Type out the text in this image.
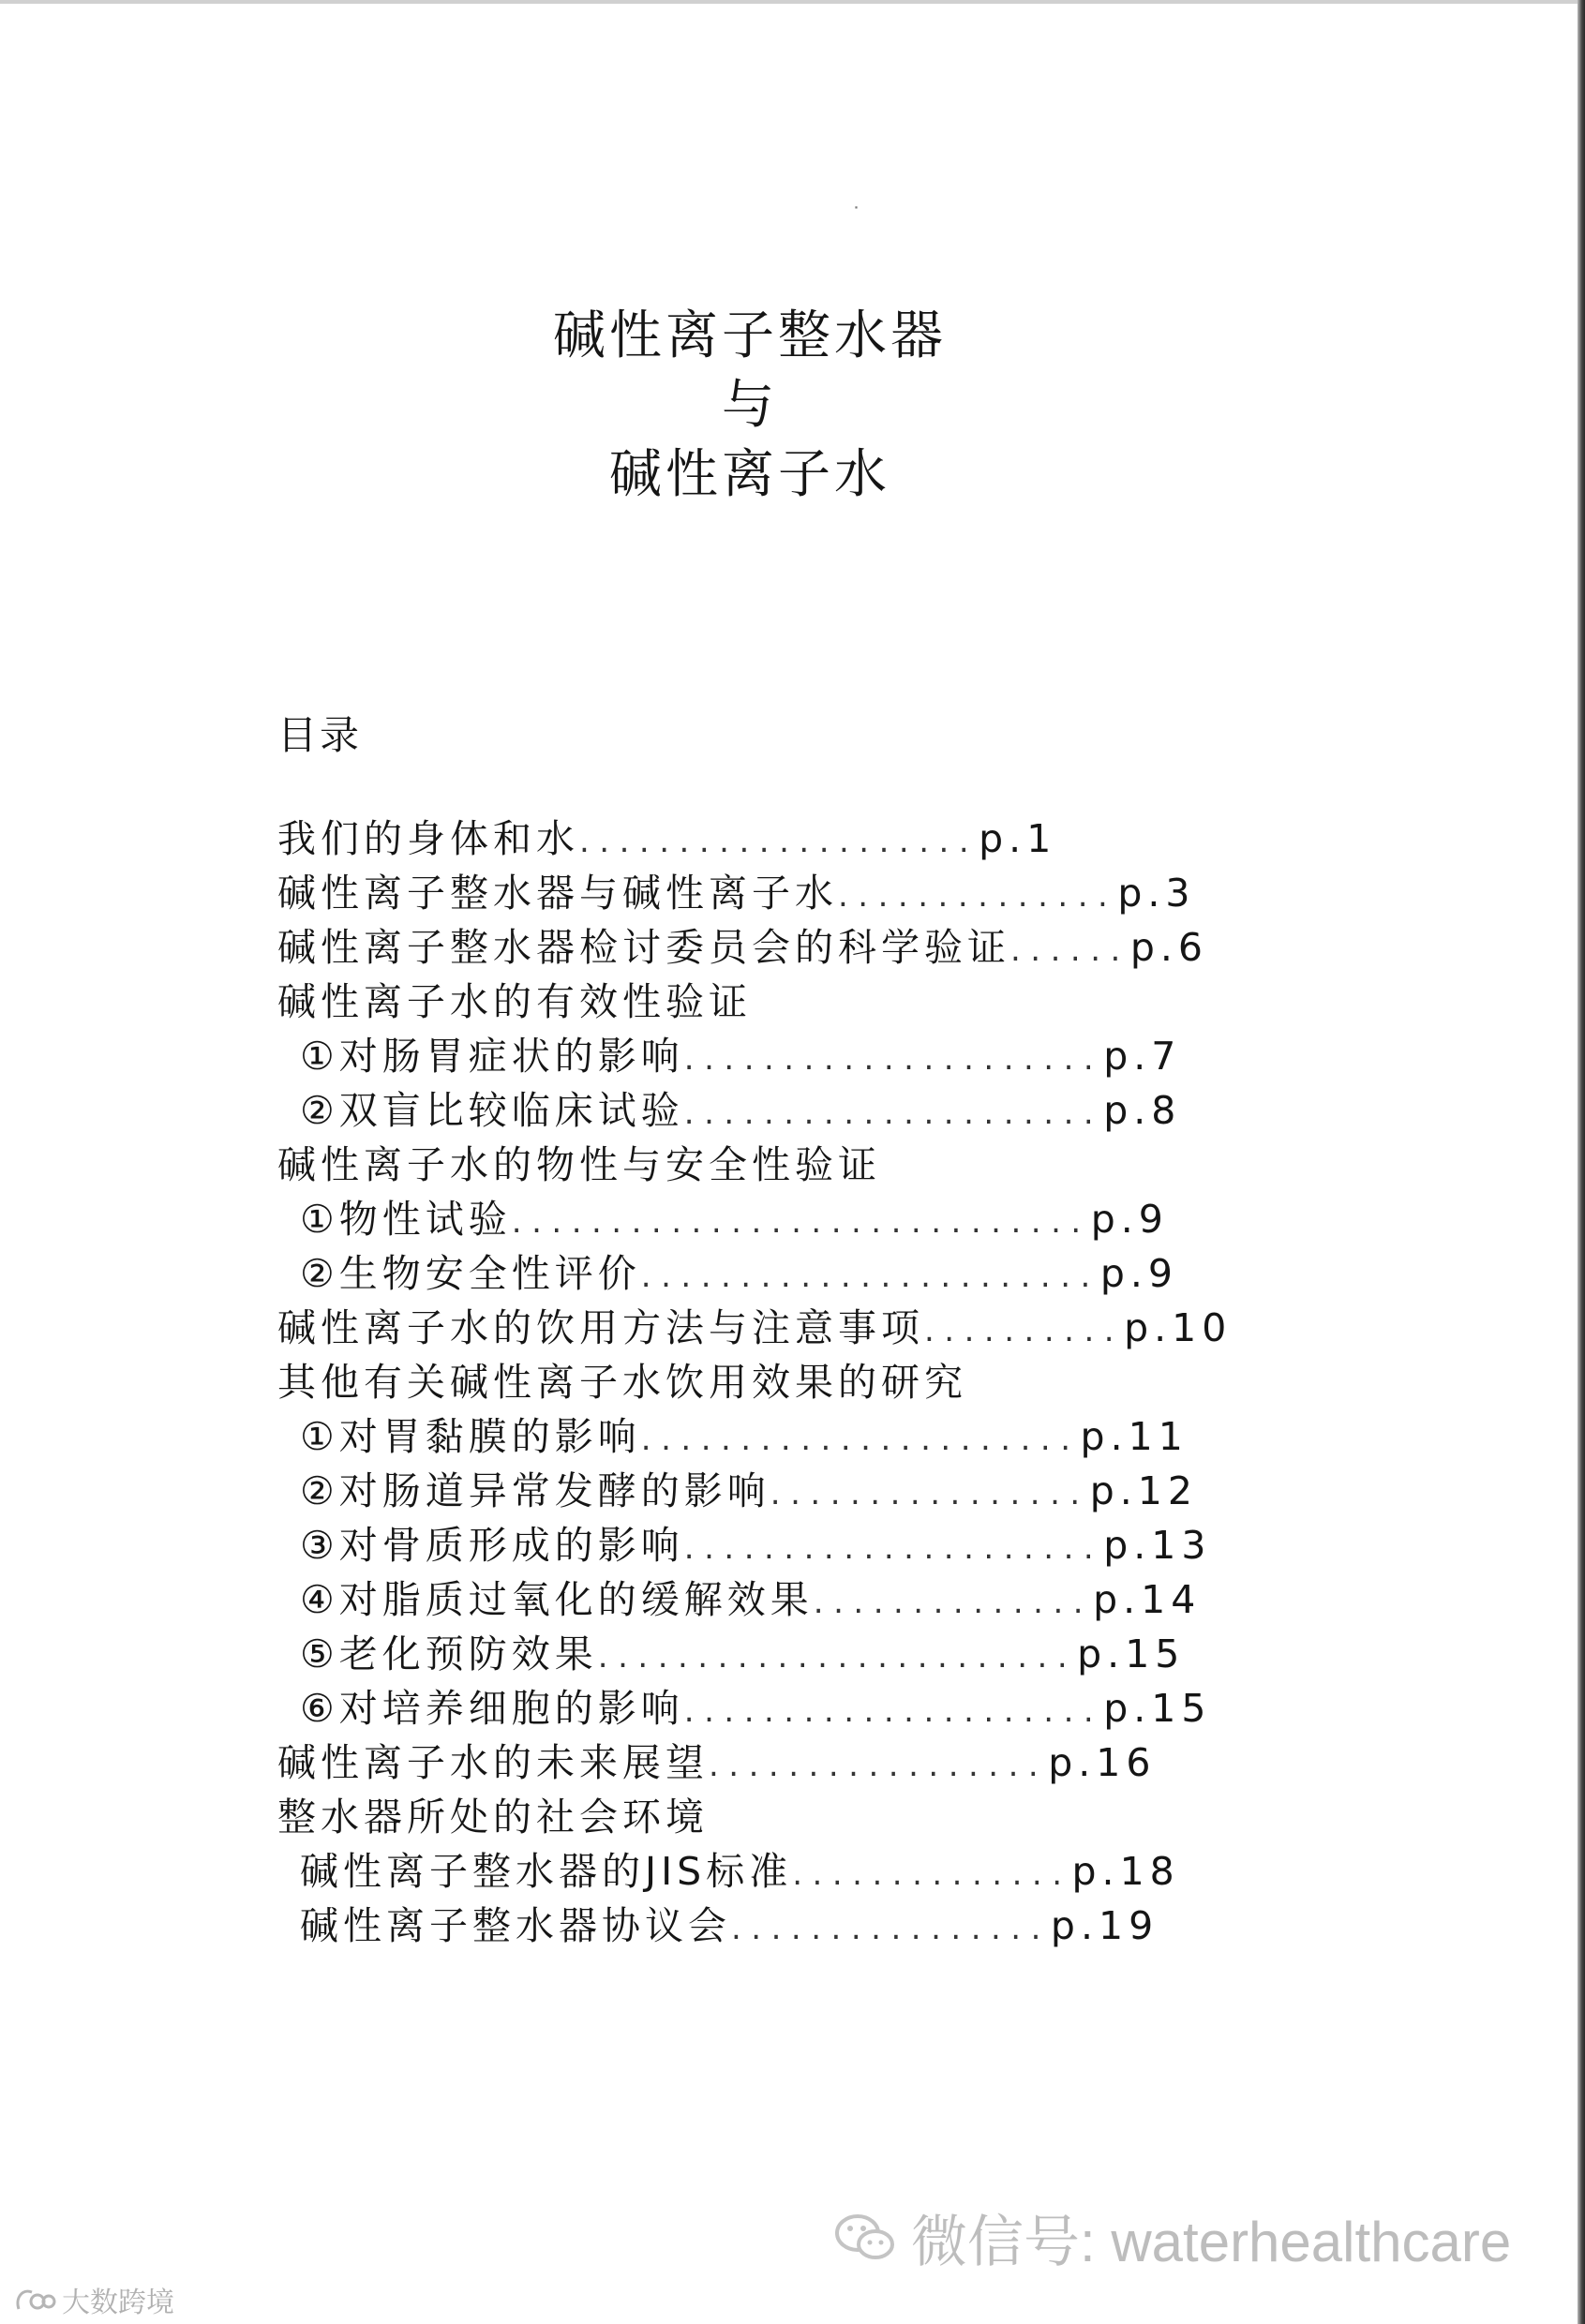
˙
碱性离子整水器
与
碱性离子水
目录
我们的身体和水 .................... p.1
碱性离子整水器与碱性离子水 .............. p.3
碱性离子整水器检讨委员会的科学验证 ...... p.6
碱性离子水的有效性验证
①对肠胃症状的影响 ..................... p.7
②双盲比较临床试验 ..................... p.8
碱性离子水的物性与安全性验证
①物性试验 ............................. p.9
②生物安全性评价 ....................... p.9
碱性离子水的饮用方法与注意事项 .......... p.10
其他有关碱性离子水饮用效果的研究
①对胃黏膜的影响 ...................... p.11
②对肠道异常发酵的影响 ................ p.12
③对骨质形成的影响 ..................... p.13
④对脂质过氧化的缓解效果 .............. p.14
⑤老化预防效果 ........................ p.15
⑥对培养细胞的影响 ..................... p.15
碱性离子水的未来展望 ................. p.16
整水器所处的社会环境
碱性离子整水器的JIS标准 .............. p.18
碱性离子整水器协议会 ................ p.19
微信号: waterhealthcare
大数跨境
